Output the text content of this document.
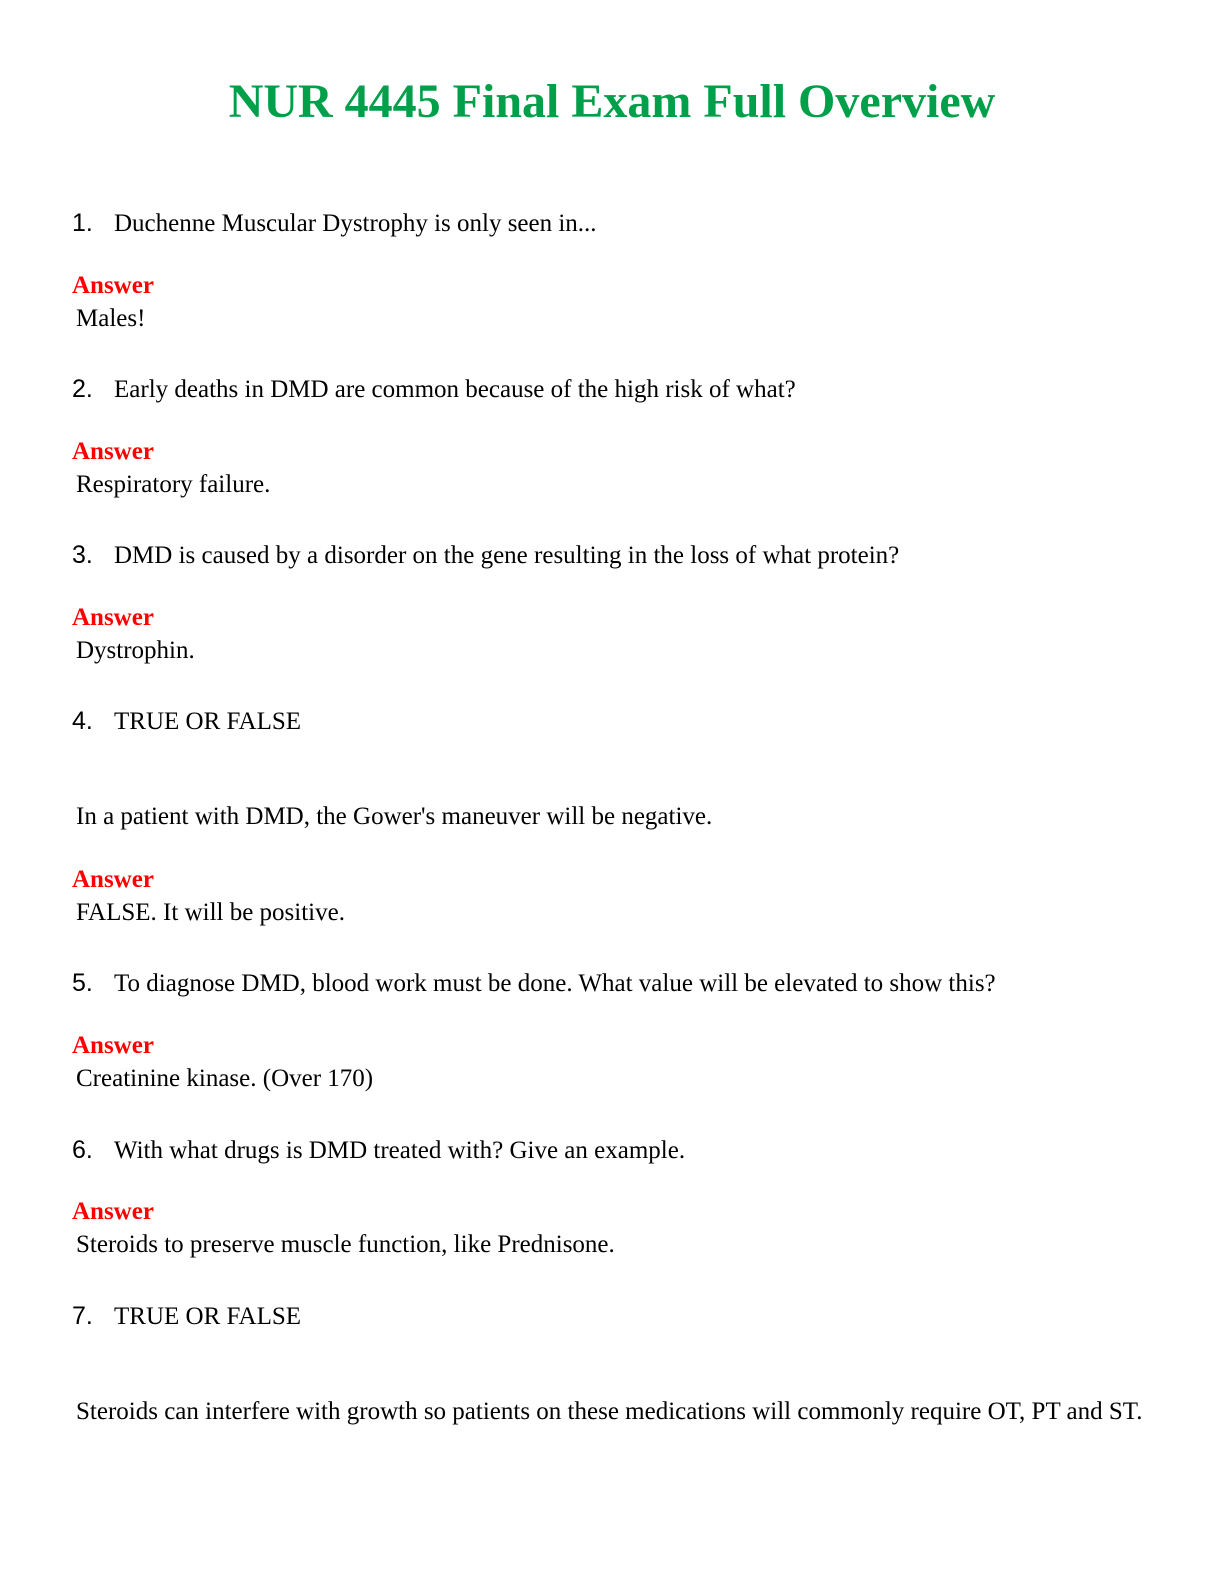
NUR 4445 Final Exam Full Overview
1. Duchenne Muscular Dystrophy is only seen in...
Answer
Males!
2. Early deaths in DMD are common because of the high risk of what?
Answer
Respiratory failure.
3. DMD is caused by a disorder on the gene resulting in the loss of what protein?
Answer
Dystrophin.
4. TRUE OR FALSE
In a patient with DMD, the Gower's maneuver will be negative.
Answer
FALSE. It will be positive.
5. To diagnose DMD, blood work must be done. What value will be elevated to show this?
Answer
Creatinine kinase. (Over 170)
6. With what drugs is DMD treated with? Give an example.
Answer
Steroids to preserve muscle function, like Prednisone.
7. TRUE OR FALSE
Steroids can interfere with growth so patients on these medications will commonly require OT, PT and ST.
